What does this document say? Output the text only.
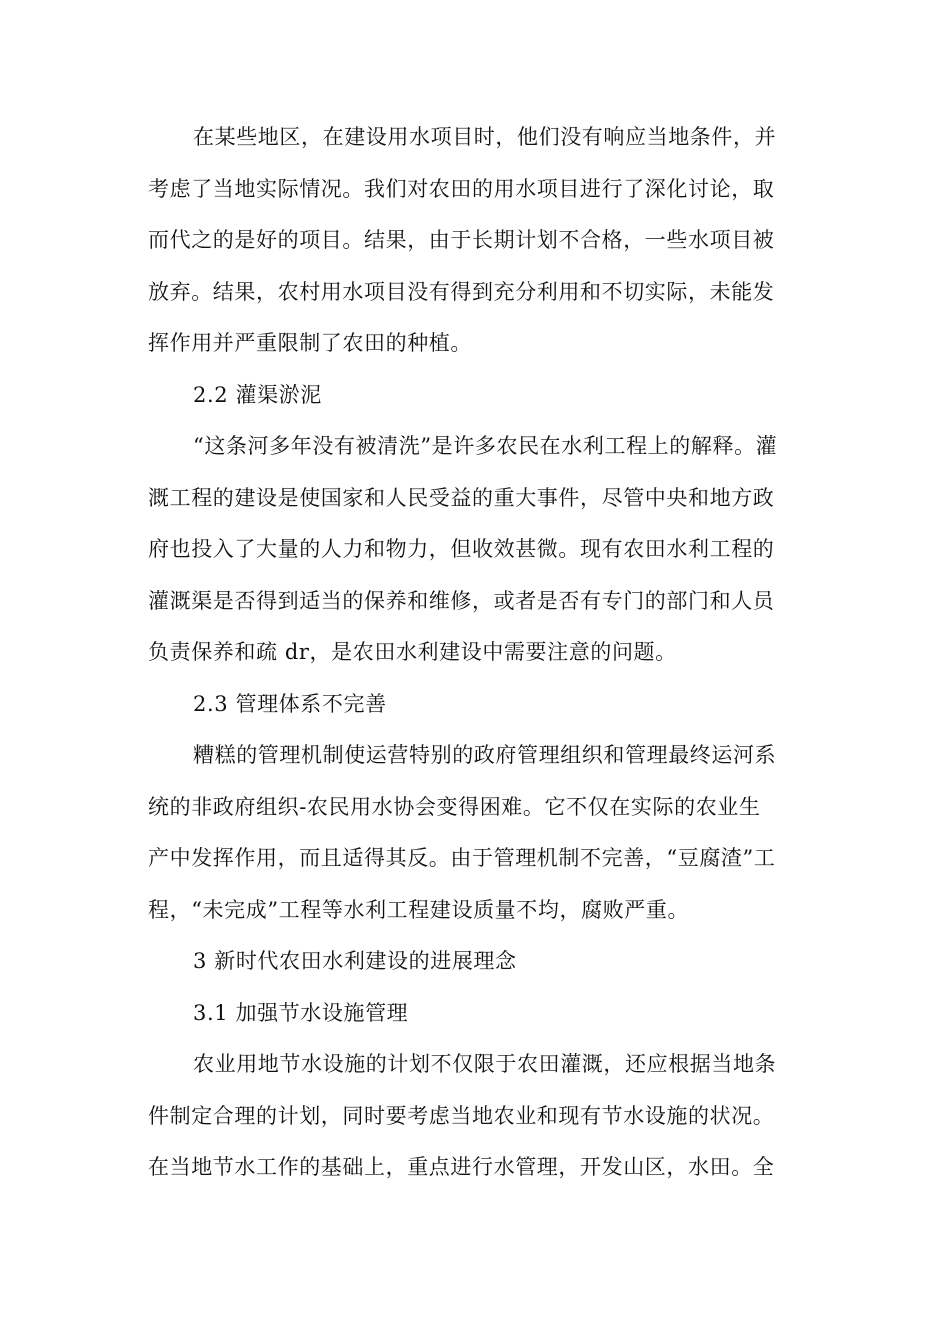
在某些地区，在建设用水项目时，他们没有响应当地条件，并
考虑了当地实际情况。我们对农田的用水项目进行了深化讨论，取
而代之的是好的项目。结果，由于长期计划不合格，一些水项目被
放弃。结果，农村用水项目没有得到充分利用和不切实际，未能发
挥作用并严重限制了农田的种植。

2.2 灌渠淤泥

“这条河多年没有被清洗”是许多农民在水利工程上的解释。灌
溉工程的建设是使国家和人民受益的重大事件，尽管中央和地方政
府也投入了大量的人力和物力，但收效甚微。现有农田水利工程的
灌溉渠是否得到适当的保养和维修，或者是否有专门的部门和人员
负责保养和疏 dr，是农田水利建设中需要注意的问题。

2.3 管理体系不完善

糟糕的管理机制使运营特别的政府管理组织和管理最终运河系
统的非政府组织-农民用水协会变得困难。它不仅在实际的农业生
产中发挥作用，而且适得其反。由于管理机制不完善，“豆腐渣”工
程，“未完成”工程等水利工程建设质量不均，腐败严重。

3 新时代农田水利建设的进展理念

3.1 加强节水设施管理

农业用地节水设施的计划不仅限于农田灌溉，还应根据当地条
件制定合理的计划，同时要考虑当地农业和现有节水设施的状况。
在当地节水工作的基础上，重点进行水管理，开发山区，水田。全
